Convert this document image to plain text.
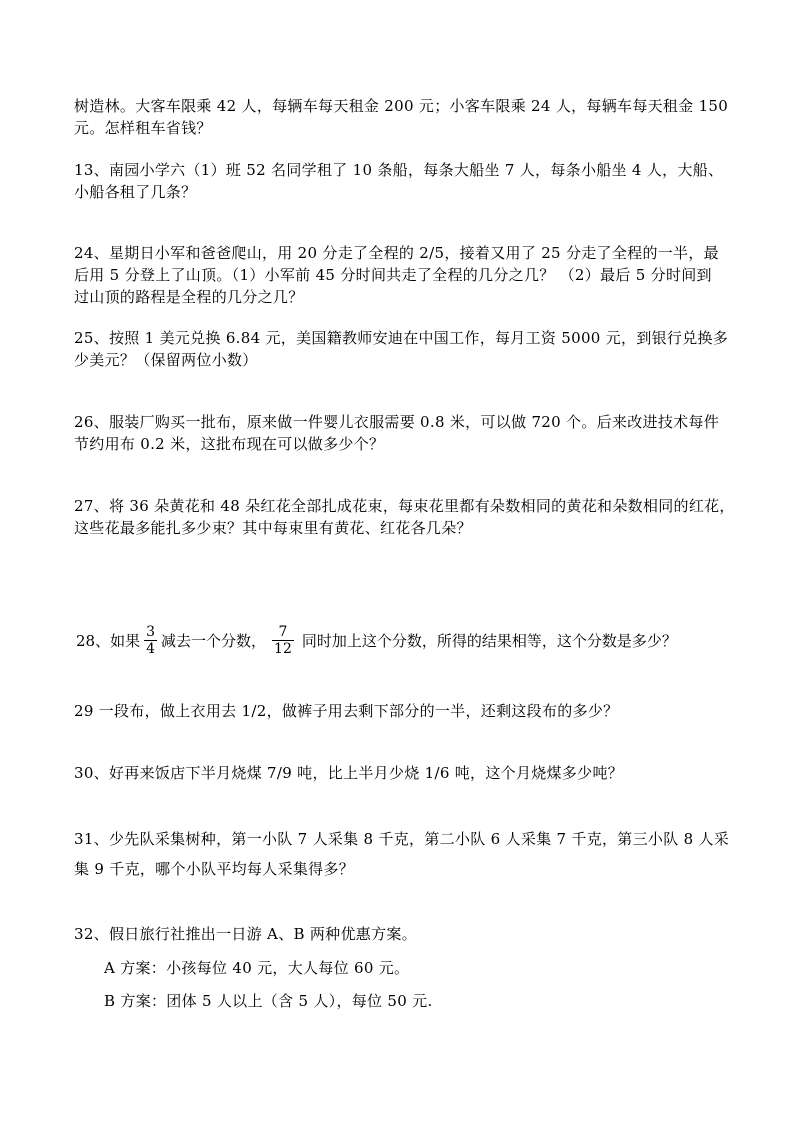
树造林。大客车限乘 42 人，每辆车每天租金 200 元；小客车限乘 24 人，每辆车每天租金 150
元。怎样租车省钱？
13、南园小学六（1）班 52 名同学租了 10 条船，每条大船坐 7 人，每条小船坐 4 人，大船、
小船各租了几条？
24、星期日小军和爸爸爬山，用 20 分走了全程的 2/5，接着又用了 25 分走了全程的一半，最
后用 5 分登上了山顶。（1）小军前 45 分时间共走了全程的几分之几？ （2）最后 5 分时间到
过山顶的路程是全程的几分之几？
25、按照 1 美元兑换 6.84 元，美国籍教师安迪在中国工作，每月工资 5000 元，到银行兑换多
少美元？（保留两位小数）
26、服装厂购买一批布，原来做一件婴儿衣服需要 0.8 米，可以做 720 个。后来改进技术每件
节约用布 0.2 米，这批布现在可以做多少个？
27、将 36 朵黄花和 48 朵红花全部扎成花束，每束花里都有朵数相同的黄花和朵数相同的红花，
这些花最多能扎多少束？其中每束里有黄花、红花各几朵？
28、如果 $\frac{3}{4}$ 减去一个分数， $\frac{7}{12}$ 同时加上这个分数，所得的结果相等，这个分数是多少？
29 一段布，做上衣用去 1/2，做裤子用去剩下部分的一半，还剩这段布的多少？
30、好再来饭店下半月烧煤 7/9 吨，比上半月少烧 1/6 吨，这个月烧煤多少吨？
31、少先队采集树种，第一小队 7 人采集 8 千克，第二小队 6 人采集 7 千克，第三小队 8 人采
集 9 千克，哪个小队平均每人采集得多？
32、假日旅行社推出一日游 A、B 两种优惠方案。
A 方案：小孩每位 40 元，大人每位 60 元。
B 方案：团体 5 人以上（含 5 人），每位 50 元.
